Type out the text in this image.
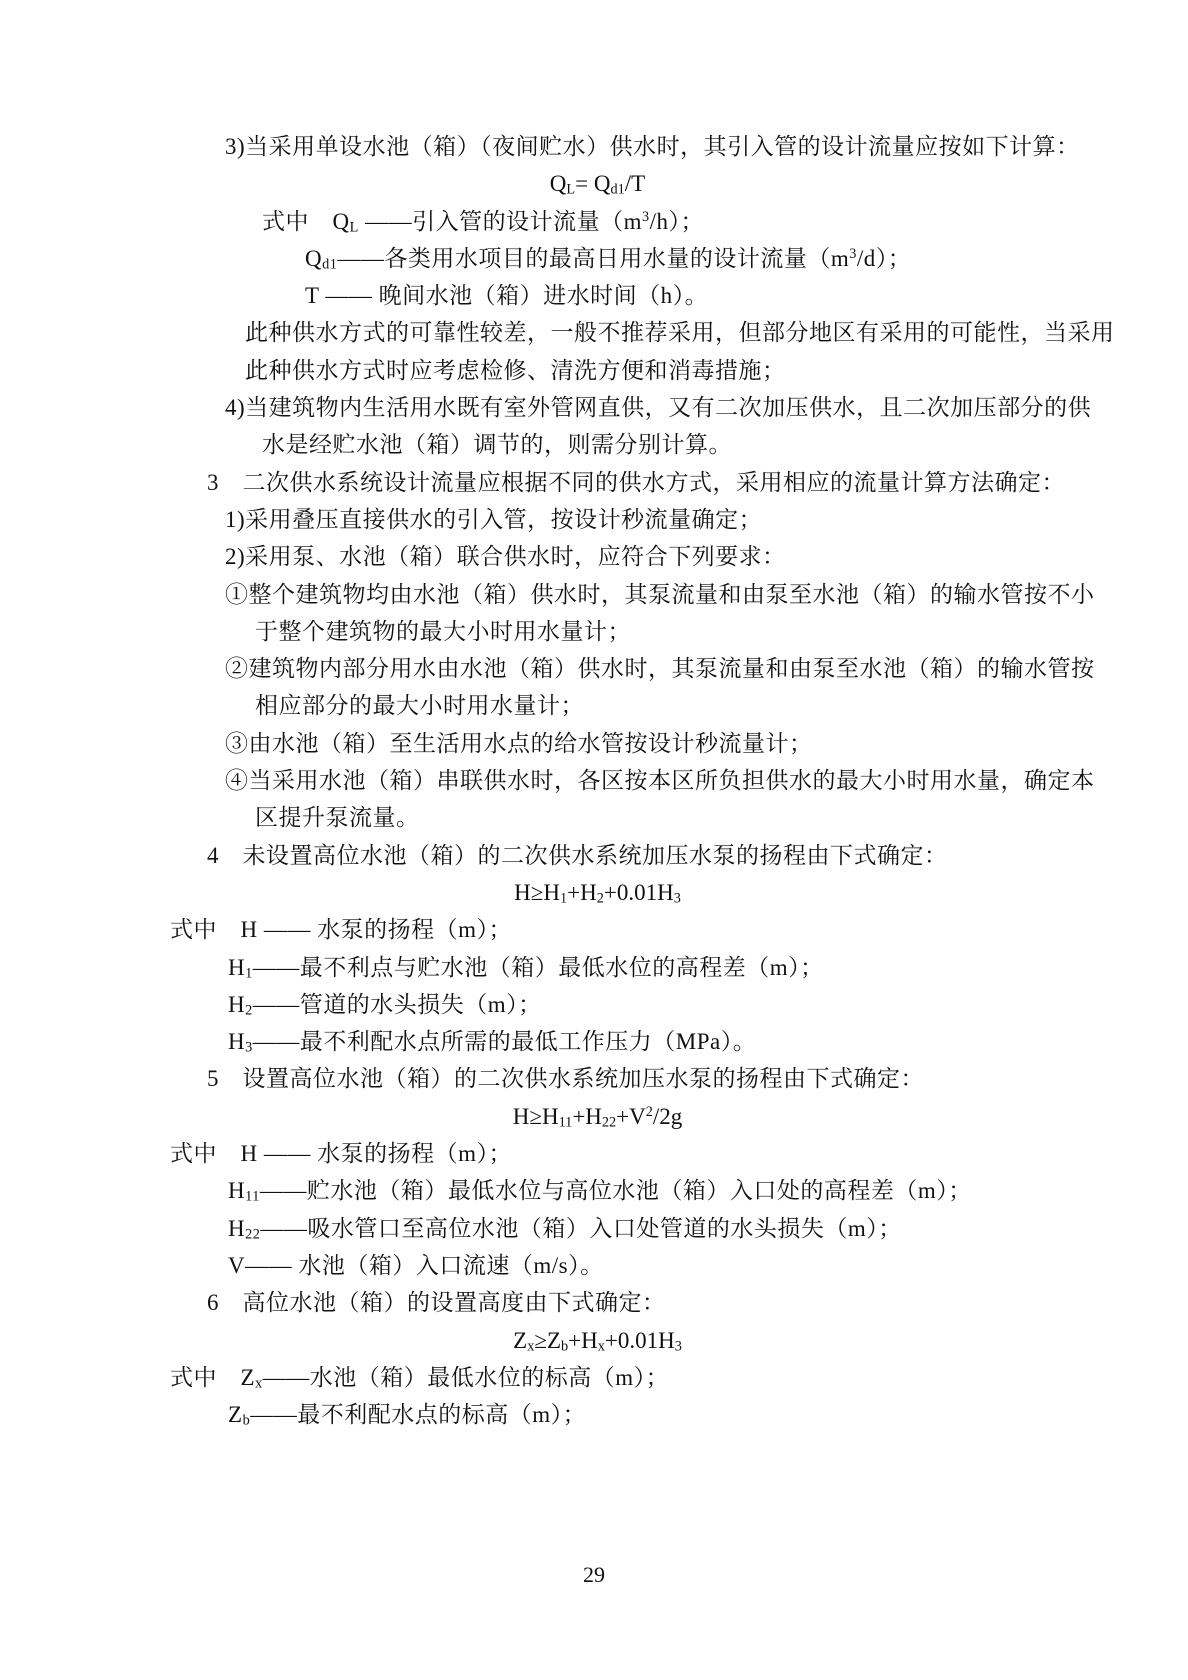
3)当采用单设水池（箱）（夜间贮水）供水时，其引入管的设计流量应按如下计算：
$Q_L= Q_{d1}/T$
式中　$Q_L$ ——引入管的设计流量$(m^3/h)$；
$Q_{d1}——$各类用水项目的最高日用水量的设计流量$(m^3/d)$；
T —— 晚间水池（箱）进水时间（h）。
此种供水方式的可靠性较差，一般不推荐采用，但部分地区有采用的可能性，当采用
此种供水方式时应考虑检修、清洗方便和消毒措施；
4)当建筑物内生活用水既有室外管网直供，又有二次加压供水，且二次加压部分的供
水是经贮水池（箱）调节的，则需分别计算。
3　二次供水系统设计流量应根据不同的供水方式，采用相应的流量计算方法确定：
1)采用叠压直接供水的引入管，按设计秒流量确定；
2)采用泵、水池（箱）联合供水时，应符合下列要求：
①整个建筑物均由水池（箱）供水时，其泵流量和由泵至水池（箱）的输水管按不小
于整个建筑物的最大小时用水量计；
②建筑物内部分用水由水池（箱）供水时，其泵流量和由泵至水池（箱）的输水管按
相应部分的最大小时用水量计；
③由水池（箱）至生活用水点的给水管按设计秒流量计；
④当采用水池（箱）串联供水时，各区按本区所负担供水的最大小时用水量，确定本
区提升泵流量。
4　未设置高位水池（箱）的二次供水系统加压水泵的扬程由下式确定：
$H\ge H_1+H_2+0.01H_3$
式中　H —— 水泵的扬程（m）；
$H_1——$最不利点与贮水池（箱）最低水位的高程差（m）；
$H_2——$管道的水头损失（m）；
$H_3——$最不利配水点所需的最低工作压力（MPa）。
5　设置高位水池（箱）的二次供水系统加压水泵的扬程由下式确定：
$H\ge H_{11}+H_{22}+V^2/2g$
式中　H —— 水泵的扬程（m）；
$H_{11}——$贮水池（箱）最低水位与高位水池（箱）入口处的高程差（m）；
$H_{22}——$吸水管口至高位水池（箱）入口处管道的水头损失（m）；
V—— 水池（箱）入口流速（m/s）。
6　高位水池（箱）的设置高度由下式确定：
$Z_x\ge Z_b+H_x+0.01H_3$
式中　$Z_x——$水池（箱）最低水位的标高（m）；
$Z_b——$最不利配水点的标高（m）；
29
